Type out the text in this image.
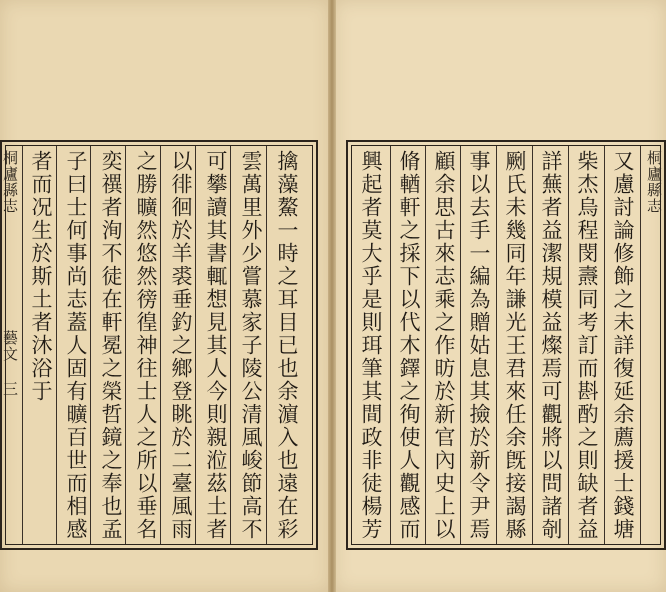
桐廬縣志
藝文 三	擒藻鰲一時之耳目已也余濵入也遠在彩
雲萬里外少嘗慕家子陵公清風峻節高不
可攀讀其書輒想見其人今則親涖茲土者
以徘徊於羊裘垂釣之鄉登眺於二臺風雨
之勝曠然悠然徬徨神往士人之所以垂名
奕禩者洵不徒在軒冕之榮哲鏡之奉也孟
子曰士何事尚志蓋人固有曠百世而相感
者而况生於斯土者沐浴于	桐廬縣志
又慮討論修飾之未詳復延余薦援士錢塘
柴杰烏程閔燾同考訂而斟酌之則缺者益
詳蕪者益潔規模益燦焉可觀將以問諸剞
劂氏未幾同年謙光王君來任余旣接謁縣
事以去手一編為贈姑息其撿於新令尹焉
顧余思古來志乘之作昉於新官內史上以
脩輶軒之採下以代木鐸之徇使人觀感而
興起者莫大乎是則珥筆其間政非徒楊芳
